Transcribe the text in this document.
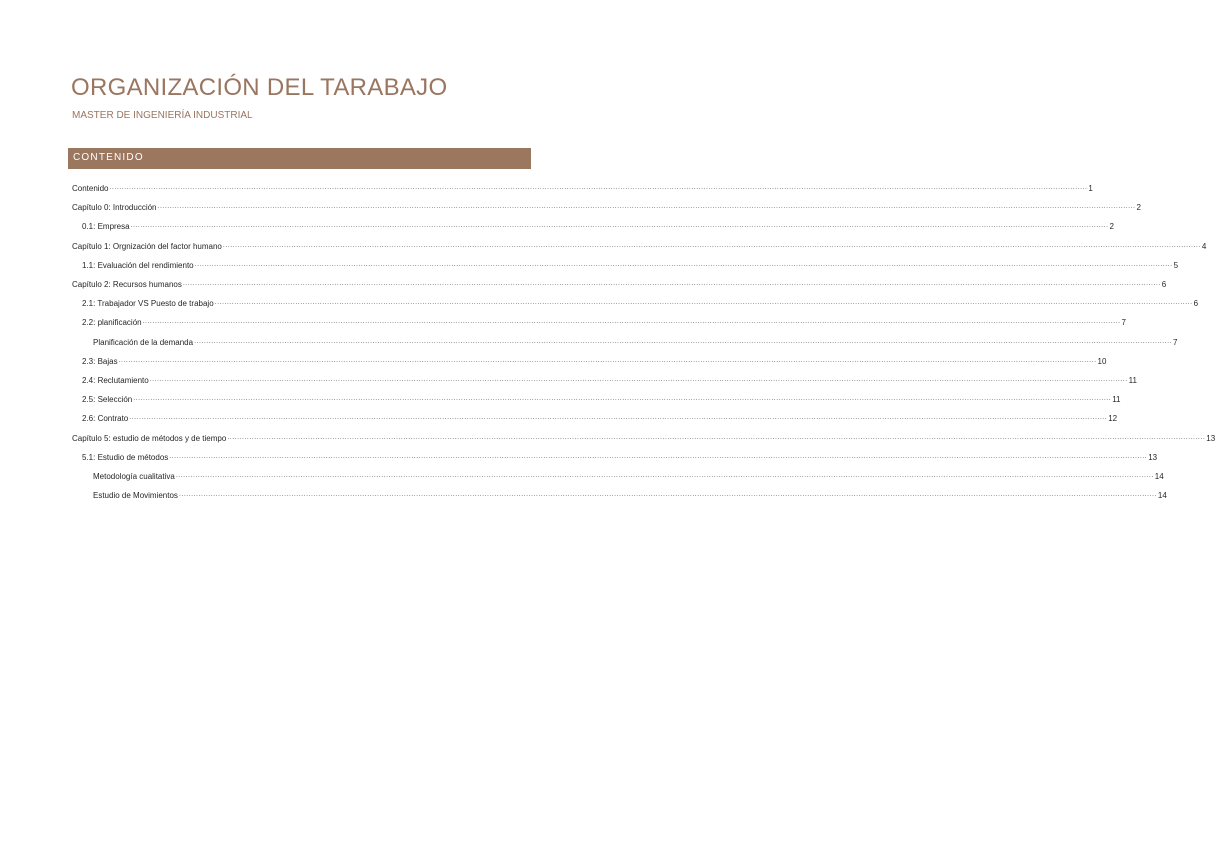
ORGANIZACIÓN DEL TARABAJO
MASTER DE INGENIERÍA INDUSTRIAL
CONTENIDO
Contenido ................................................................................................................................................................................................................................................................................................................................................................................................................ 1
Capítulo 0: Introducción ................................................................................................................................................................................................................................................................................................................................................................................................................ 2
0.1: Empresa ................................................................................................................................................................................................................................................................................................................................................................................................................ 2
Capítulo 1: Orgnización del factor humano ................................................................................................................................................................................................................................................................................................................................................................................................................ 4
1.1: Evaluación del rendimiento ................................................................................................................................................................................................................................................................................................................................................................................................................ 5
Capítulo 2: Recursos humanos ................................................................................................................................................................................................................................................................................................................................................................................................................ 6
2.1: Trabajador VS Puesto de trabajo ................................................................................................................................................................................................................................................................................................................................................................................................................ 6
2.2: planificación ................................................................................................................................................................................................................................................................................................................................................................................................................ 7
Planificación de la demanda ................................................................................................................................................................................................................................................................................................................................................................................................................ 7
2.3: Bajas ................................................................................................................................................................................................................................................................................................................................................................................................................ 10
2.4: Reclutamiento ................................................................................................................................................................................................................................................................................................................................................................................................................ 11
2.5: Selección ................................................................................................................................................................................................................................................................................................................................................................................................................ 11
2.6: Contrato ................................................................................................................................................................................................................................................................................................................................................................................................................ 12
Capítulo 5: estudio de métodos y de tiempo ................................................................................................................................................................................................................................................................................................................................................................................................................ 13
5.1: Estudio de métodos ................................................................................................................................................................................................................................................................................................................................................................................................................ 13
Metodología cualitativa ................................................................................................................................................................................................................................................................................................................................................................................................................ 14
Estudio de Movimientos ................................................................................................................................................................................................................................................................................................................................................................................................................ 14
